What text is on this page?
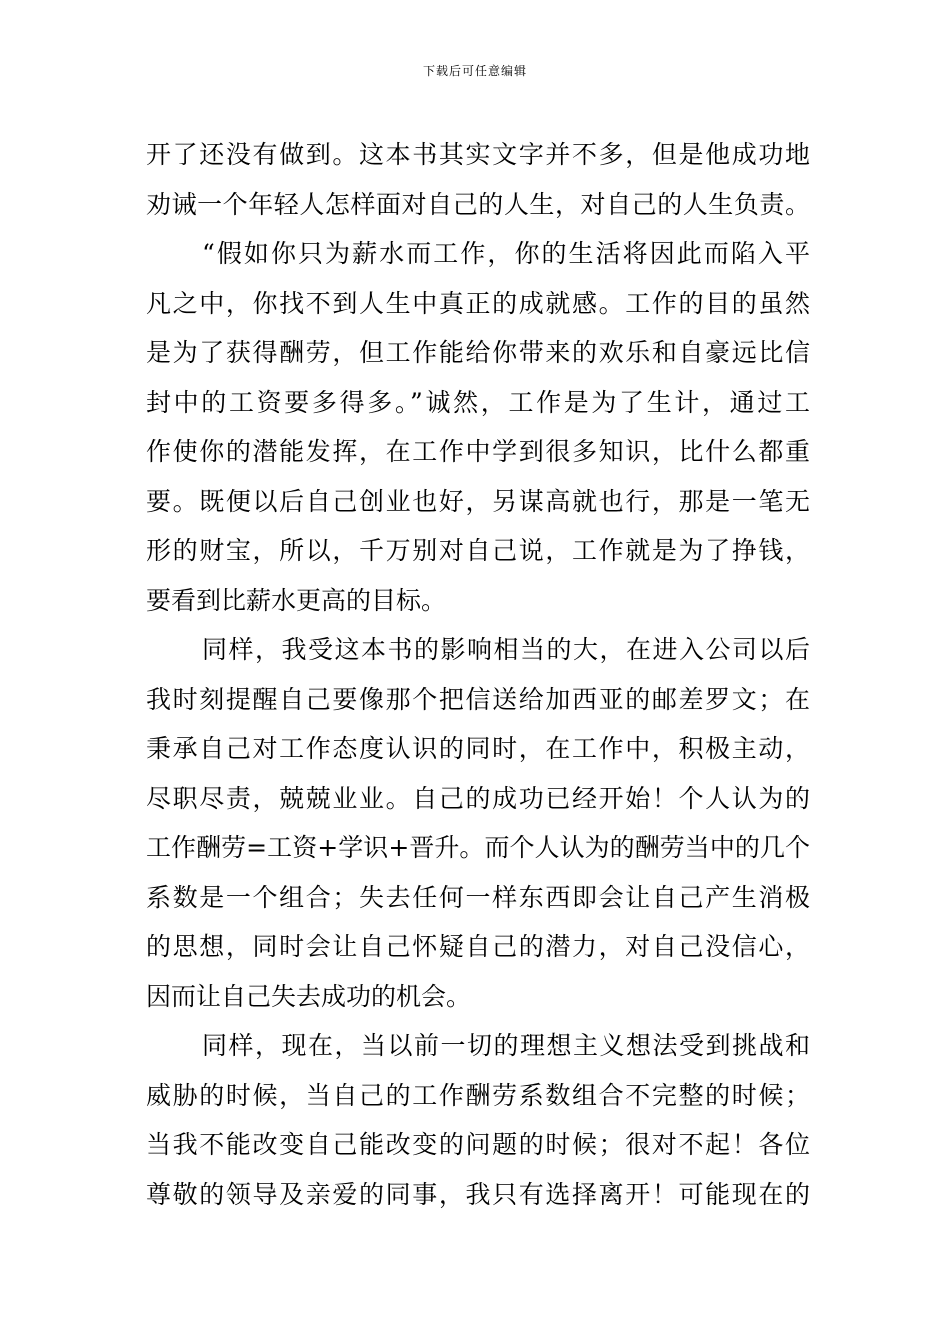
下载后可任意编辑
开了还没有做到。这本书其实文字并不多，但是他成功地
劝诫一个年轻人怎样面对自己的人生，对自己的人生负责。
“假如你只为薪水而工作，你的生活将因此而陷入平
凡之中，你找不到人生中真正的成就感。工作的目的虽然
是为了获得酬劳，但工作能给你带来的欢乐和自豪远比信
封中的工资要多得多。”诚然，工作是为了生计，通过工
作使你的潜能发挥，在工作中学到很多知识，比什么都重
要。既便以后自己创业也好，另谋高就也行，那是一笔无
形的财宝，所以，千万别对自己说，工作就是为了挣钱，
要看到比薪水更高的目标。
同样，我受这本书的影响相当的大，在进入公司以后
我时刻提醒自己要像那个把信送给加西亚的邮差罗文；在
秉承自己对工作态度认识的同时，在工作中，积极主动，
尽职尽责，兢兢业业。自己的成功已经开始！个人认为的
工作酬劳=工资+学识+晋升。而个人认为的酬劳当中的几个
系数是一个组合；失去任何一样东西即会让自己产生消极
的思想，同时会让自己怀疑自己的潜力，对自己没信心，
因而让自己失去成功的机会。
同样，现在，当以前一切的理想主义想法受到挑战和
威胁的时候，当自己的工作酬劳系数组合不完整的时候；
当我不能改变自己能改变的问题的时候；很对不起！各位
尊敬的领导及亲爱的同事，我只有选择离开！可能现在的
